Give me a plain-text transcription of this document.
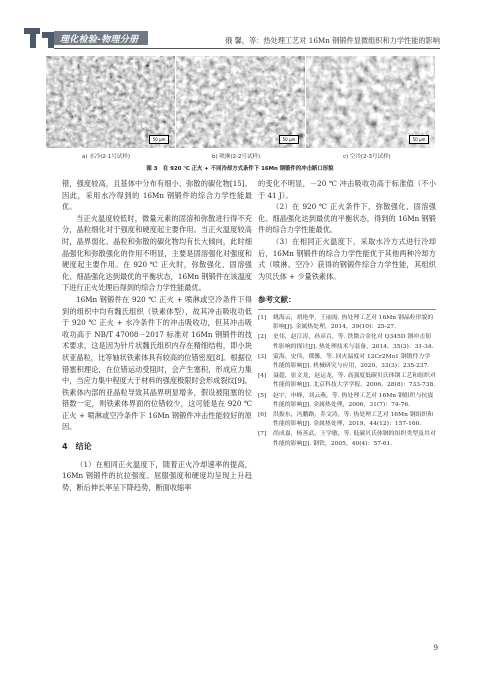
理化检验-物理分册	俄 馨，等：热处理工艺对 16Mn 钢锻件显微组织和力学性能的影响
50 μm	50 μm	50 μm
a) 水冷(2-1号试样)	b) 喷淋(2-2号试样)	c) 空冷(2-3号试样)
图 3　在 920 ℃ 正火 + 不同冷却方式条件下 16Mn 钢锻件的冲击断口形貌

错，强度较高，且基体中分布有细小、弥散的碳化物[15]。因此，采用水冷得到的 16Mn 钢锻件的综合力学性能最优。

当正火温度较低时，微量元素的固溶和弥散进行得不充分，晶粒细化对于强度和硬度起主要作用。当正火温度较高时，晶界弱化、晶粒和弥散的碳化物均有长大倾向，此时细晶强化和弥散强化的作用不明显，主要是固溶强化对强度和硬度起主要作用。在 920 ℃ 正火时，弥散强化、固溶强化、细晶强化达到最优的平衡状态，16Mn 钢锻件在该温度下进行正火处理后得到的综合力学性能最优。

16Mn 钢锻件在 920 ℃ 正火 + 喷淋或空冷条件下得到的组织中均有魏氏组织（铁素体型），故其冲击吸收功低于 920 ℃ 正火 + 水冷条件下的冲击吸收功，但其冲击吸收功高于 NB/T 47008－2017 标准对 16Mn 钢锻件的技术要求，这是因为针片状魏氏组织内存在精细结构，即小块状亚晶粒，比等轴状铁素体具有较高的位错密度[8]。根据位错塞积理论，在位错运动受阻时，会产生塞积，形成应力集中，当应力集中程度大于材料的强度极限时会形成裂纹[9]。铁素体内部的亚晶粒导致其晶界明显增多，假设被阻塞的位错数一定，则铁素体界面的位错较少，这可能是在 920 ℃ 正火 + 喷淋或空冷条件下 16Mn 钢锻件冲击性能较好的原因。

4　结论

（1）在相同正火温度下，随着正火冷却速率的提高，16Mn 钢锻件的抗拉强度、屈服强度和硬度均呈现上升趋势，断后伸长率呈下降趋势，断面收缩率

的变化不明显，－20 ℃ 冲击吸收功高于标准值（不小于 41 J）。

（2）在 920 ℃ 正火条件下，弥散强化、固溶强化、细晶强化达到最优的平衡状态，得到的 16Mn 钢锻件的综合力学性能最优。

（3）在相同正火温度下，采取水冷方式进行冷却后，16Mn 钢锻件的综合力学性能优于其他两种冷却方式（喷淋、空冷）获得的钢锻件综合力学性能，其组织为贝氏体 + 少量铁素体。

参考文献：
[1]	姚海云，胡艳华，王丽霞. 热处理工艺对 16Mn 钢晶粒形貌的影响[J]. 金属热处理，2014，39(10)：25-27.
[2]	史伟，赵江涛，孙彦百，等. 铁微合金化对 Q345D 钢冲击韧性影响的探讨[J]. 热处理技术与装备，2014，35(3)：31-34.
[3]	蒙海，史伟，俄馨，等. 回火温度对 12Cr2Mo1 钢锻件力学性能的影响[J]. 机械研究与应用，2020，33(3)：235-237.
[4]	聂超，崔文龙，赵运龙，等. 高强度低碳贝氏体钢工艺和组织对性能的影响[J]. 北京科技大学学报，2006，28(8)：733-738.
[5]	赵宇，申峰，刘云燕，等. 热处理工艺对 16Mn 钢组织与抗震性能的影响[J]. 金属热处理，2006，31(7)：74-76.
[6]	洪振东，冯鹏路，乔文涛，等. 热处理工艺对 16Mn 钢组织和性能的影响[J]. 金属热处理，2019，44(12)：157-160.
[7]	尚成嘉，杨善武，王学敏，等. 低碳贝氏体钢的组织类型及其对性能的影响[J]. 钢铁，2005，40(4)：57-61.
9
